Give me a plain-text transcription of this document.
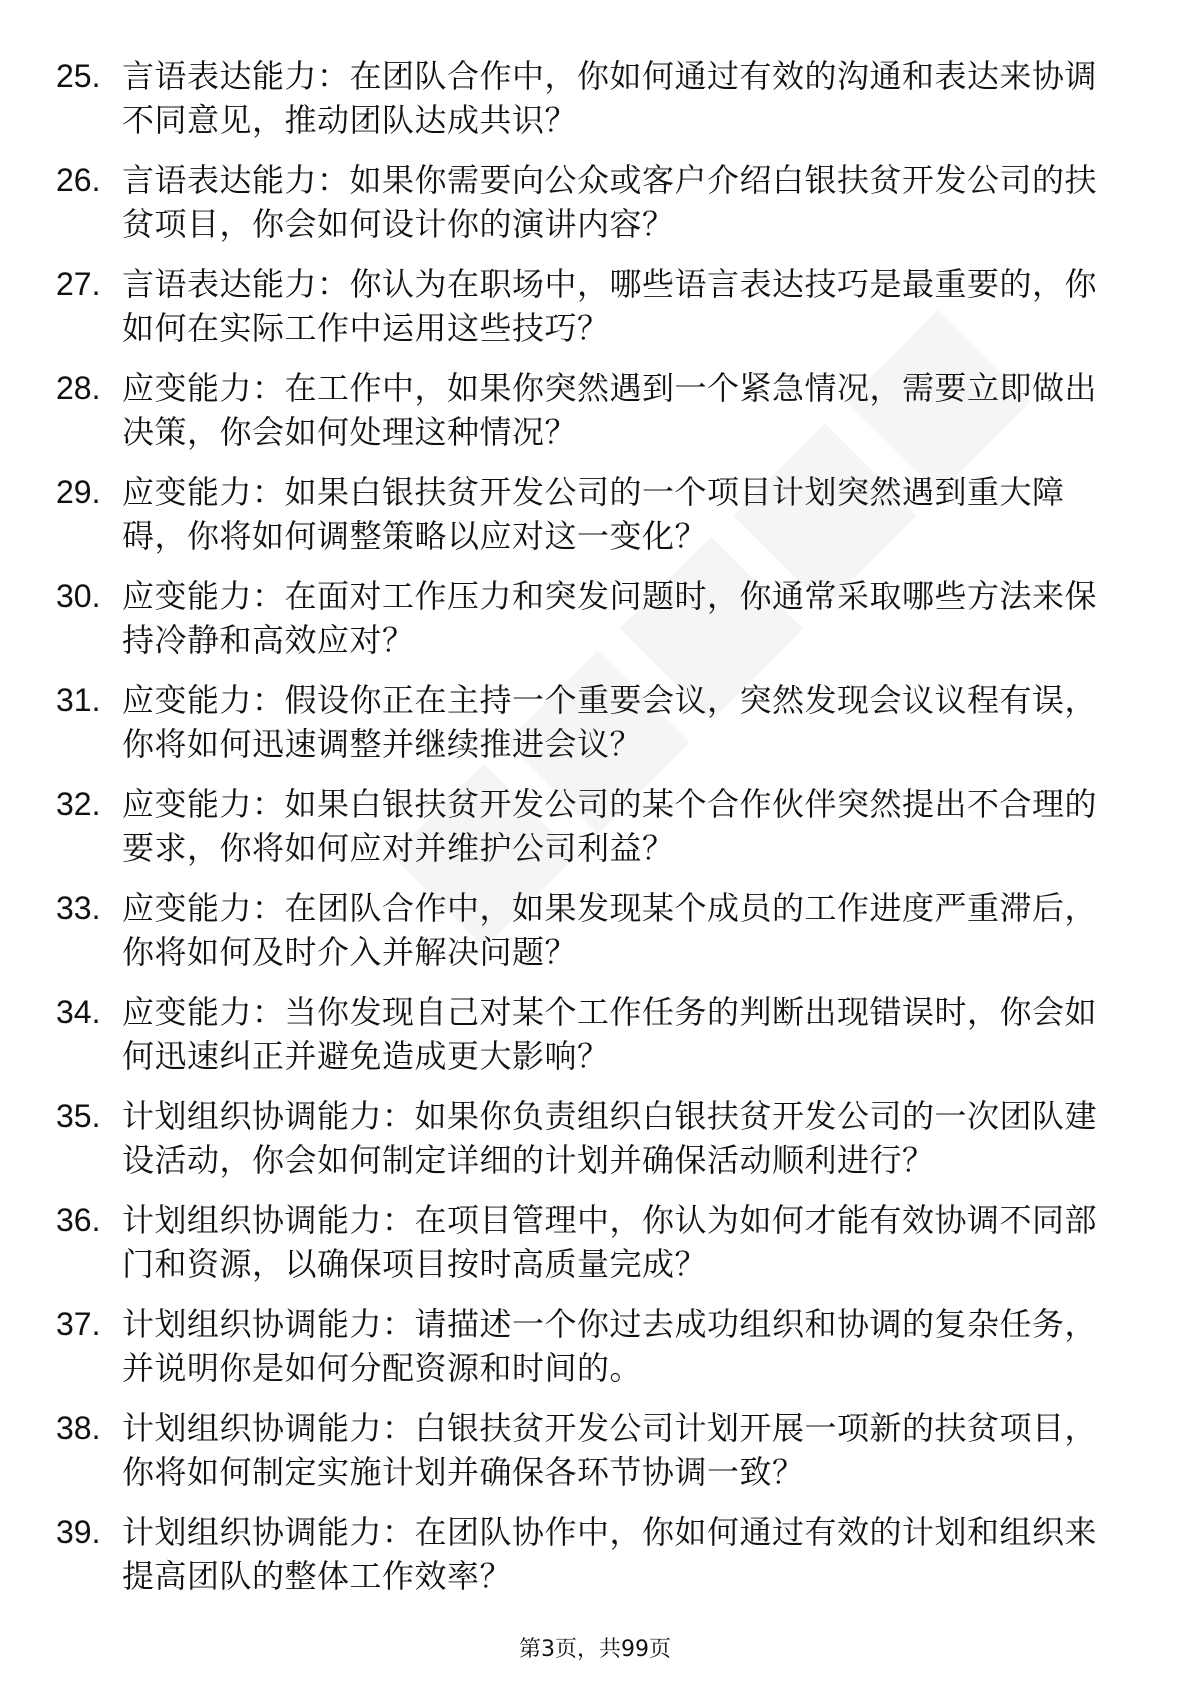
25. 言语表达能力：在团队合作中，你如何通过有效的沟通和表达来协调不同意见，推动团队达成共识？
26. 言语表达能力：如果你需要向公众或客户介绍白银扶贫开发公司的扶贫项目，你会如何设计你的演讲内容？
27. 言语表达能力：你认为在职场中，哪些语言表达技巧是最重要的，你如何在实际工作中运用这些技巧？
28. 应变能力：在工作中，如果你突然遇到一个紧急情况，需要立即做出决策，你会如何处理这种情况？
29. 应变能力：如果白银扶贫开发公司的一个项目计划突然遇到重大障碍，你将如何调整策略以应对这一变化？
30. 应变能力：在面对工作压力和突发问题时，你通常采取哪些方法来保持冷静和高效应对？
31. 应变能力：假设你正在主持一个重要会议，突然发现会议议程有误，你将如何迅速调整并继续推进会议？
32. 应变能力：如果白银扶贫开发公司的某个合作伙伴突然提出不合理的要求，你将如何应对并维护公司利益？
33. 应变能力：在团队合作中，如果发现某个成员的工作进度严重滞后，你将如何及时介入并解决问题？
34. 应变能力：当你发现自己对某个工作任务的判断出现错误时，你会如何迅速纠正并避免造成更大影响？
35. 计划组织协调能力：如果你负责组织白银扶贫开发公司的一次团队建设活动，你会如何制定详细的计划并确保活动顺利进行？
36. 计划组织协调能力：在项目管理中，你认为如何才能有效协调不同部门和资源，以确保项目按时高质量完成？
37. 计划组织协调能力：请描述一个你过去成功组织和协调的复杂任务，并说明你是如何分配资源和时间的。
38. 计划组织协调能力：白银扶贫开发公司计划开展一项新的扶贫项目，你将如何制定实施计划并确保各环节协调一致？
39. 计划组织协调能力：在团队协作中，你如何通过有效的计划和组织来提高团队的整体工作效率？
第3页，共99页
